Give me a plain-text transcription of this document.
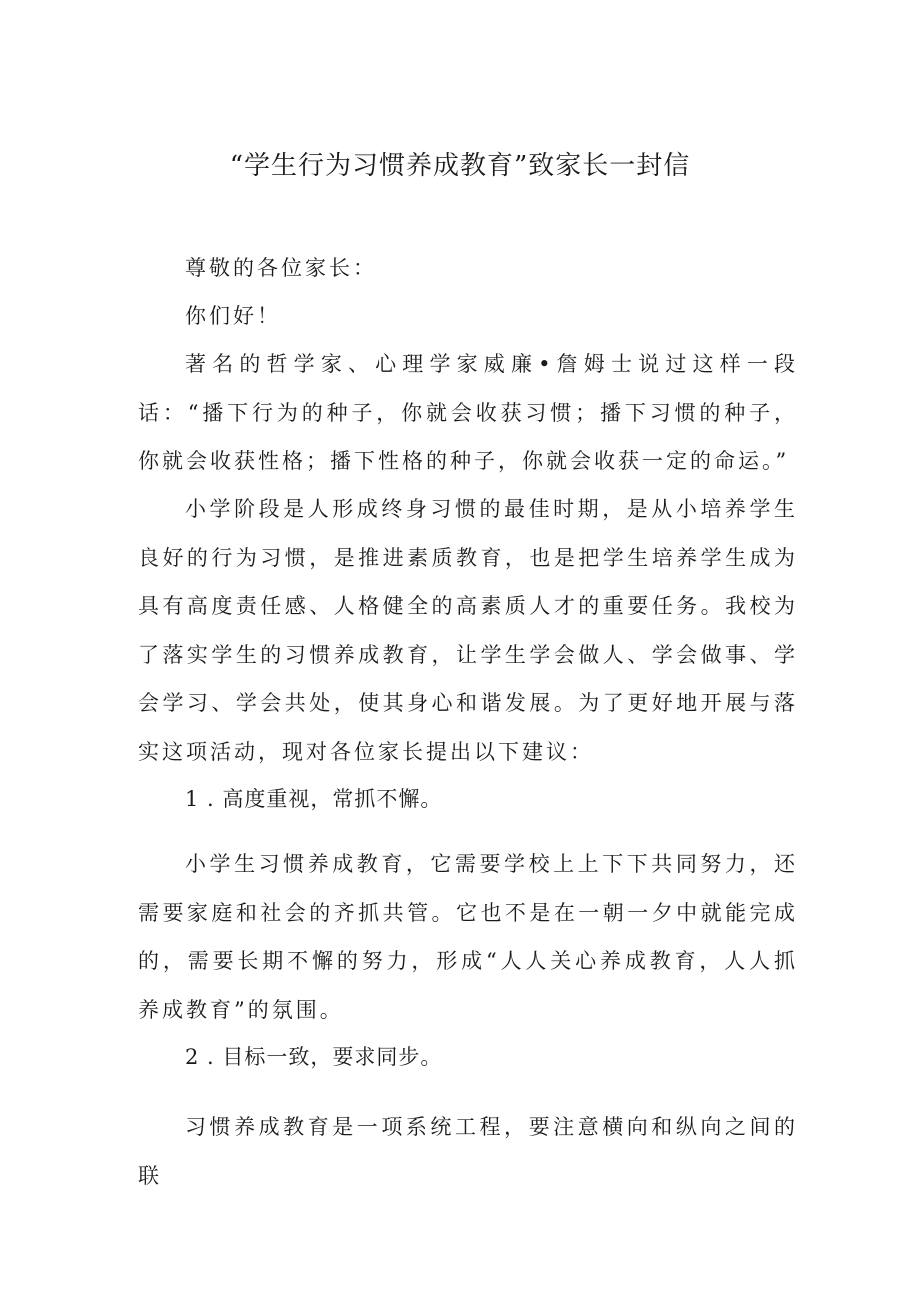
“学生行为习惯养成教育”致家长一封信

尊敬的各位家长：

你们好！

著名的哲学家、心理学家威廉•詹姆士说过这样一段话：“播下行为的种子，你就会收获习惯；播下习惯的种子，你就会收获性格；播下性格的种子，你就会收获一定的命运。”

小学阶段是人形成终身习惯的最佳时期，是从小培养学生良好的行为习惯，是推进素质教育，也是把学生培养学生成为具有高度责任感、人格健全的高素质人才的重要任务。我校为了落实学生的习惯养成教育，让学生学会做人、学会做事、学会学习、学会共处，使其身心和谐发展。为了更好地开展与落实这项活动，现对各位家长提出以下建议：

1 . 高度重视，常抓不懈。

小学生习惯养成教育，它需要学校上上下下共同努力，还需要家庭和社会的齐抓共管。它也不是在一朝一夕中就能完成的，需要长期不懈的努力，形成“人人关心养成教育，人人抓养成教育”的氛围。

2 . 目标一致，要求同步。

习惯养成教育是一项系统工程，要注意横向和纵向之间的联
